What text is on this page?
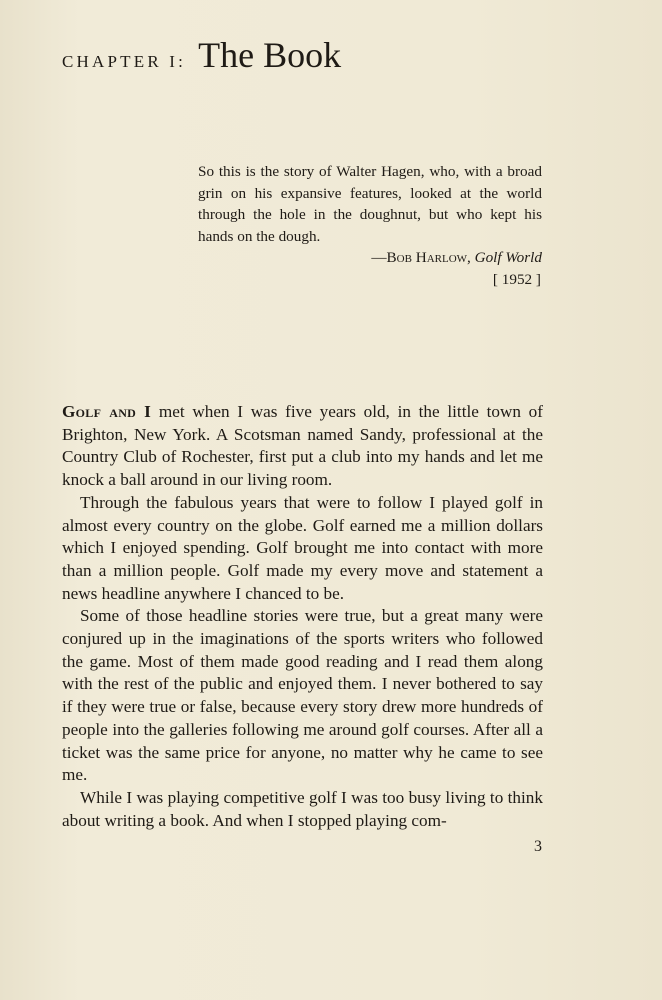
CHAPTER I: The Book
So this is the story of Walter Hagen, who, with a broad grin on his expansive features, looked at the world through the hole in the doughnut, but who kept his hands on the dough.
—Bob Harlow, Golf World
[ 1952 ]

Golf and I met when I was five years old, in the little town of Brighton, New York. A Scotsman named Sandy, professional at the Country Club of Rochester, first put a club into my hands and let me knock a ball around in our living room.

Through the fabulous years that were to follow I played golf in almost every country on the globe. Golf earned me a million dollars which I enjoyed spending. Golf brought me into contact with more than a million people. Golf made my every move and statement a news headline anywhere I chanced to be.

Some of those headline stories were true, but a great many were conjured up in the imaginations of the sports writers who followed the game. Most of them made good reading and I read them along with the rest of the public and enjoyed them. I never bothered to say if they were true or false, because every story drew more hundreds of people into the galleries following me around golf courses. After all a ticket was the same price for anyone, no matter why he came to see me.

While I was playing competitive golf I was too busy living to think about writing a book. And when I stopped playing com-

3
